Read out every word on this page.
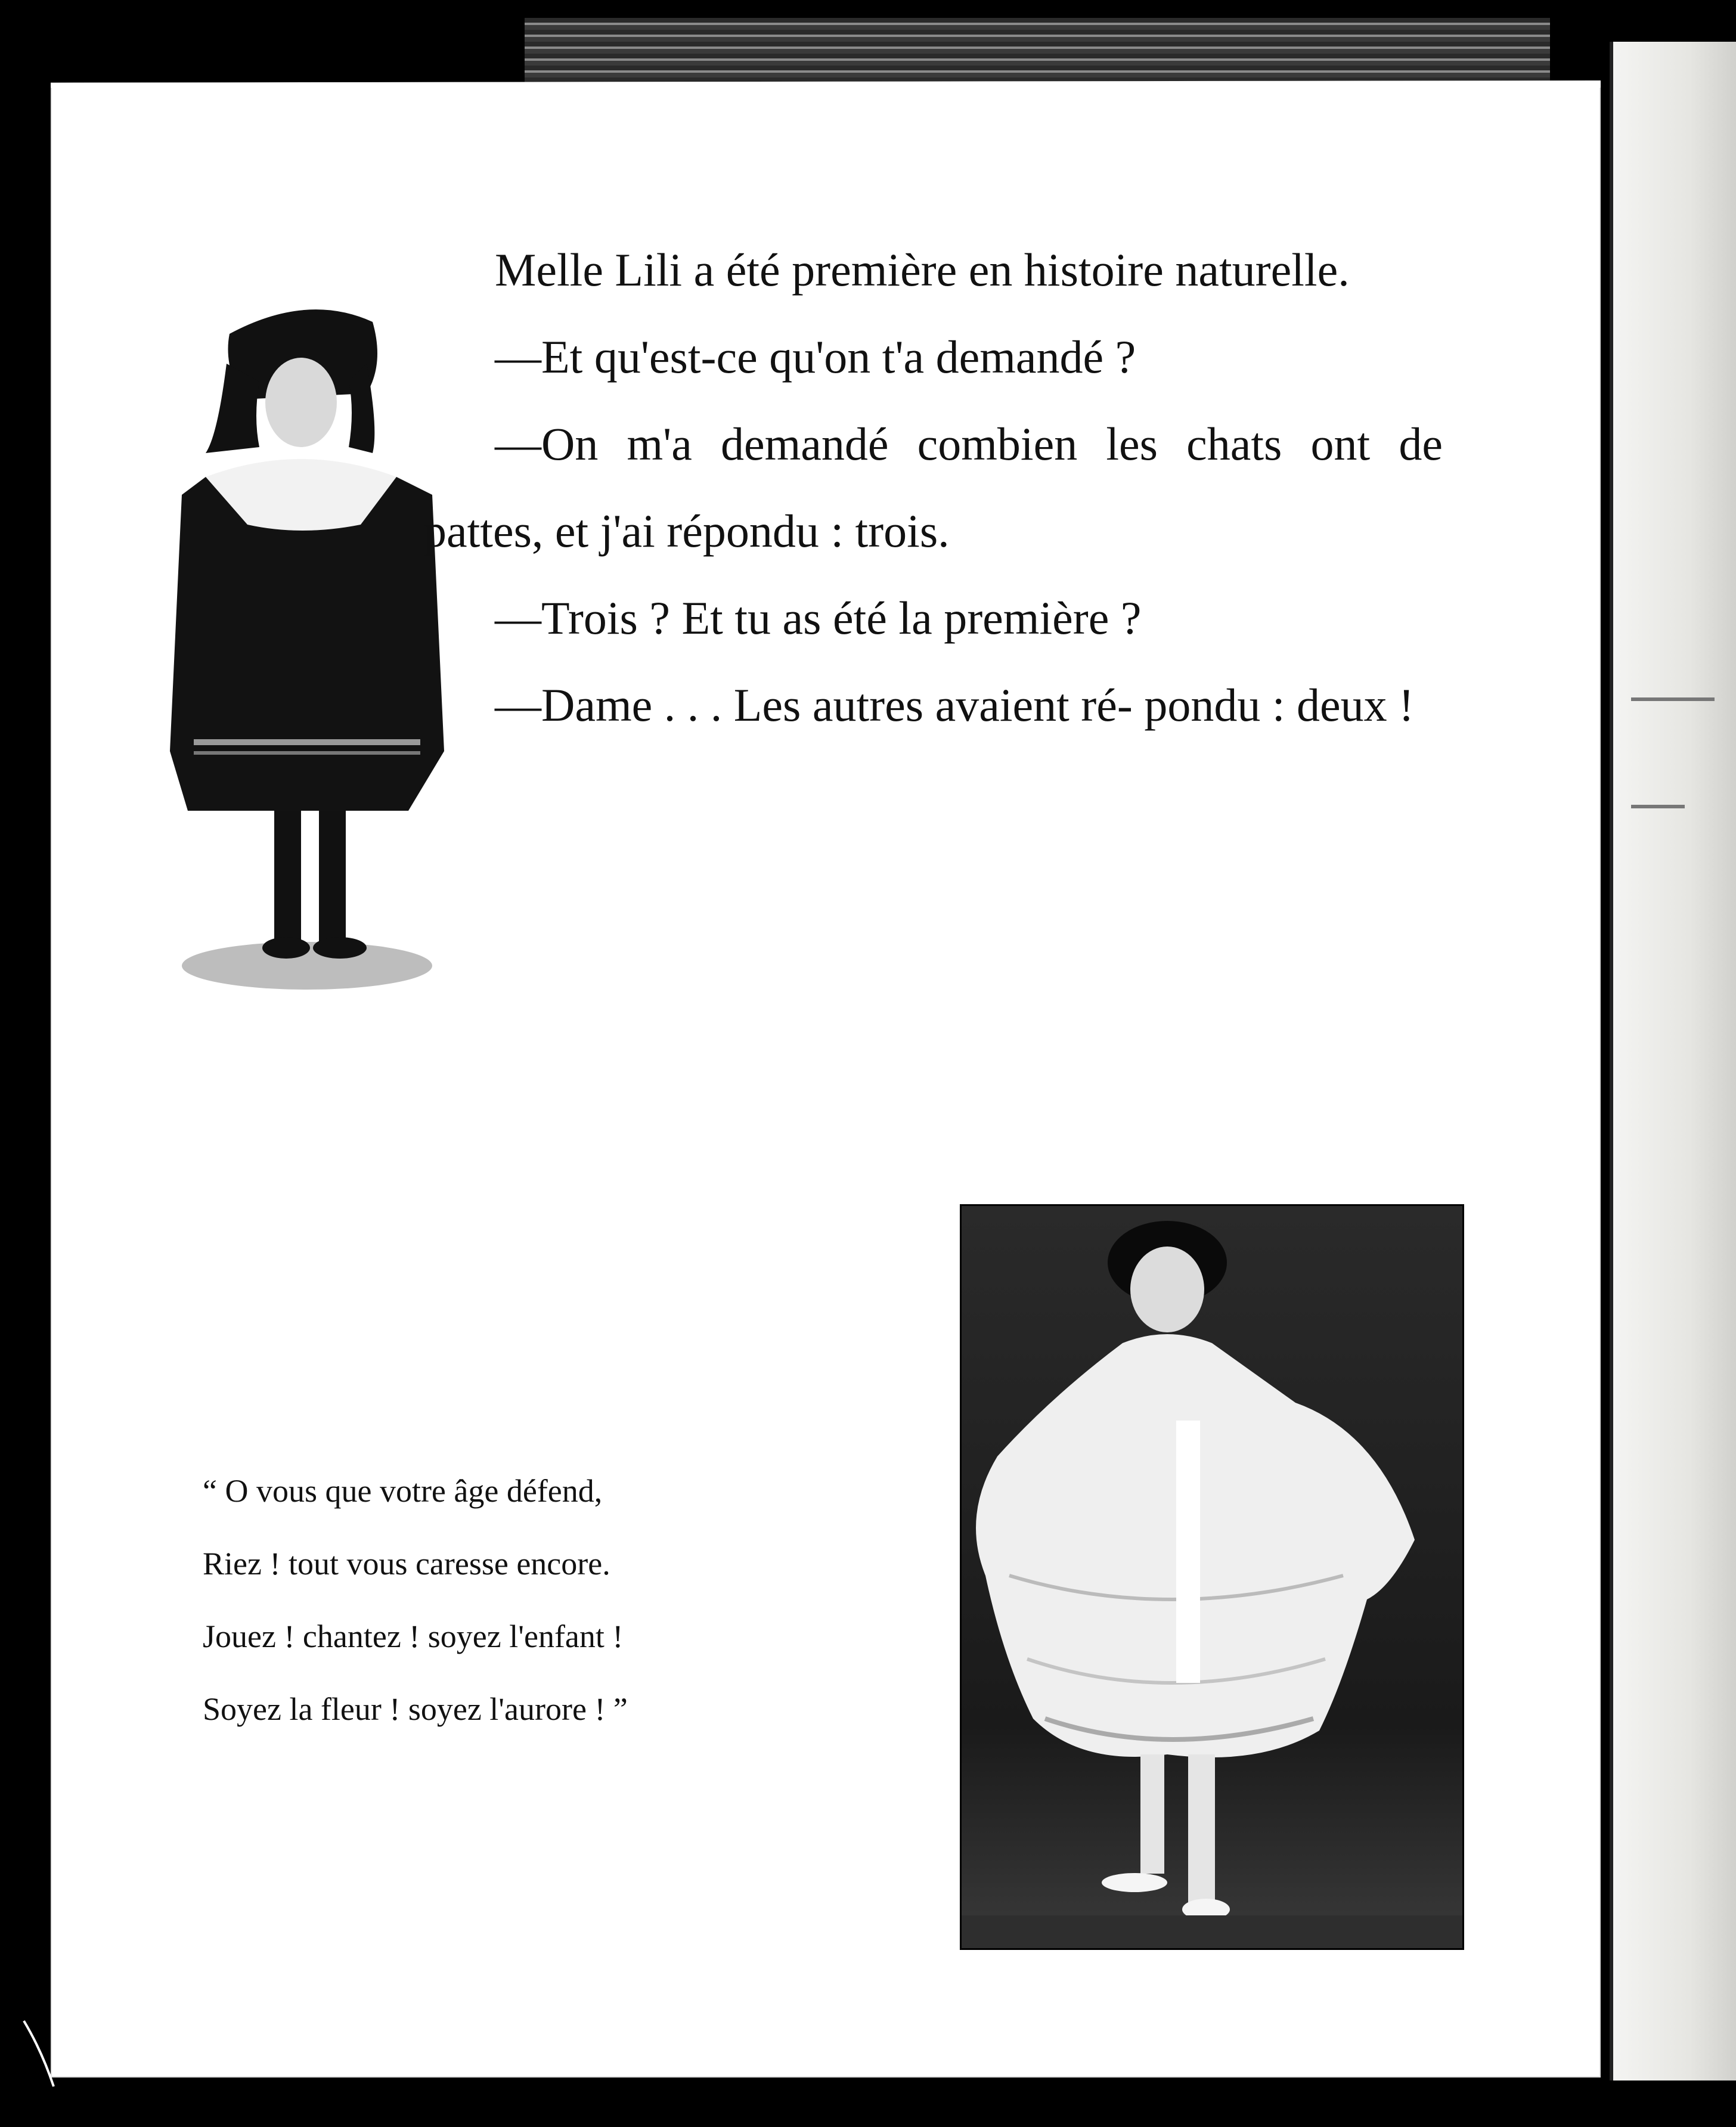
Melle Lili a été première en histoire naturelle.

—Et qu'est-ce qu'on t'a demandé ?

—On m'a demandé combien les chats ont de pattes, et j'ai répondu : trois.

—Trois ? Et tu as été la première ?

—Dame . . . Les autres avaient ré- pondu : deux !

“ O vous que votre âge défend,
Riez ! tout vous caresse encore.
Jouez ! chantez ! soyez l'enfant !
Soyez la fleur ! soyez l'aurore ! ”
